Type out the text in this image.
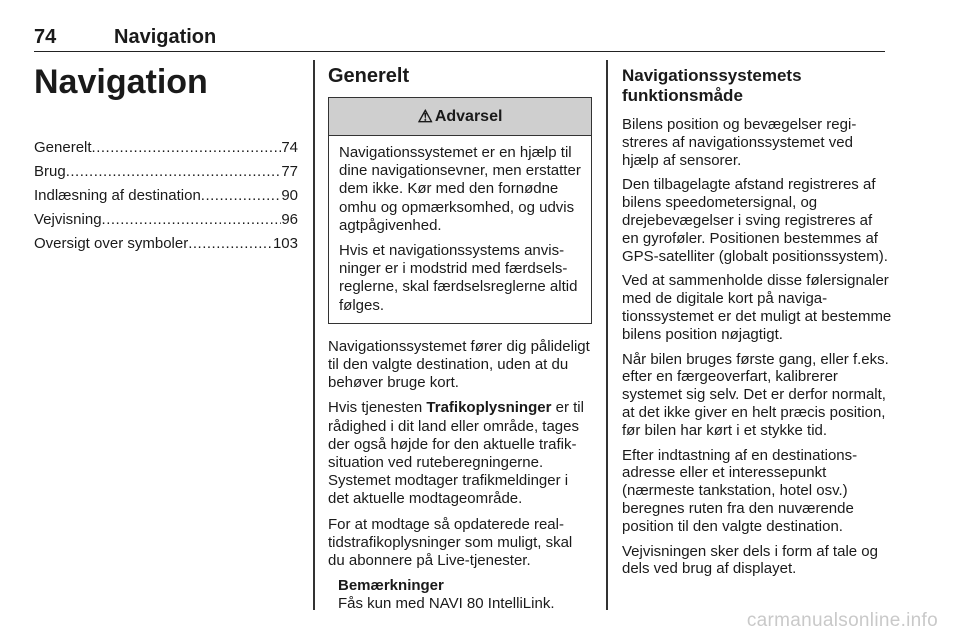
74	Navigation
Navigation
Generelt .....	74
Brug .....	77
Indlæsning af destination .....	90
Vejvisning .....	96
Oversigt over symboler .....	103
Generelt
⚠ Advarsel
Navigationssystemet er en hjælp til dine navigationsevner, men erstatter dem ikke. Kør med den fornødne omhu og opmærksomhed, og udvis agtpågivenhed.
Hvis et navigationssystems anvisninger er i modstrid med færdselsreglerne, skal færdselsreglerne altid følges.
Navigationssystemet fører dig pålideligt til den valgte destination, uden at du behøver bruge kort.
Hvis tjenesten Trafikoplysninger er til rådighed i dit land eller område, tages der også højde for den aktuelle trafiksituation ved ruteberegningerne. Systemet modtager trafikmeldinger i det aktuelle modtageområde.
For at modtage så opdaterede realtidstrafikoplysninger som muligt, skal du abonnere på Live-tjenester.
Bemærkninger
Fås kun med NAVI 80 IntelliLink.
Navigationssystemets funktionsmåde
Bilens position og bevægelser registreres af navigationssystemet ved hjælp af sensorer.
Den tilbagelagte afstand registreres af bilens speedometersignal, og drejebevægelser i sving registreres af en gyroføler. Positionen bestemmes af GPS-satelliter (globalt positionssystem).
Ved at sammenholde disse følersignaler med de digitale kort på navigationssystemet er det muligt at bestemme bilens position nøjagtigt.
Når bilen bruges første gang, eller f.eks. efter en færgeoverfart, kalibrerer systemet sig selv. Det er derfor normalt, at det ikke giver en helt præcis position, før bilen har kørt i et stykke tid.
Efter indtastning af en destinationsadresse eller et interessepunkt (nærmeste tankstation, hotel osv.) beregnes ruten fra den nuværende position til den valgte destination.
Vejvisningen sker dels i form af tale og dels ved brug af displayet.
carmanualsonline.info
